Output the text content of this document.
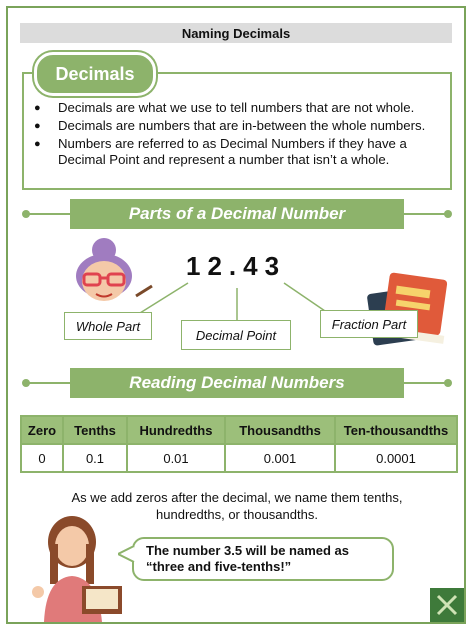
Naming Decimals
Decimals
● Decimals are what we use to tell numbers that are not whole.
● Decimals are numbers that are in-between the whole numbers.
● Numbers are referred to as Decimal Numbers if they have a Decimal Point and represent a number that isn’t a whole.
Parts of a Decimal Number
12.43
Whole Part
Decimal Point
Fraction Part
Reading Decimal Numbers
Zero	Tenths	Hundredths	Thousandths	Ten-thousandths
0	0.1	0.01	0.001	0.0001
As we add zeros after the decimal, we name them tenths, hundredths, or thousandths.
The number 3.5 will be named as
“three and five-tenths!”
